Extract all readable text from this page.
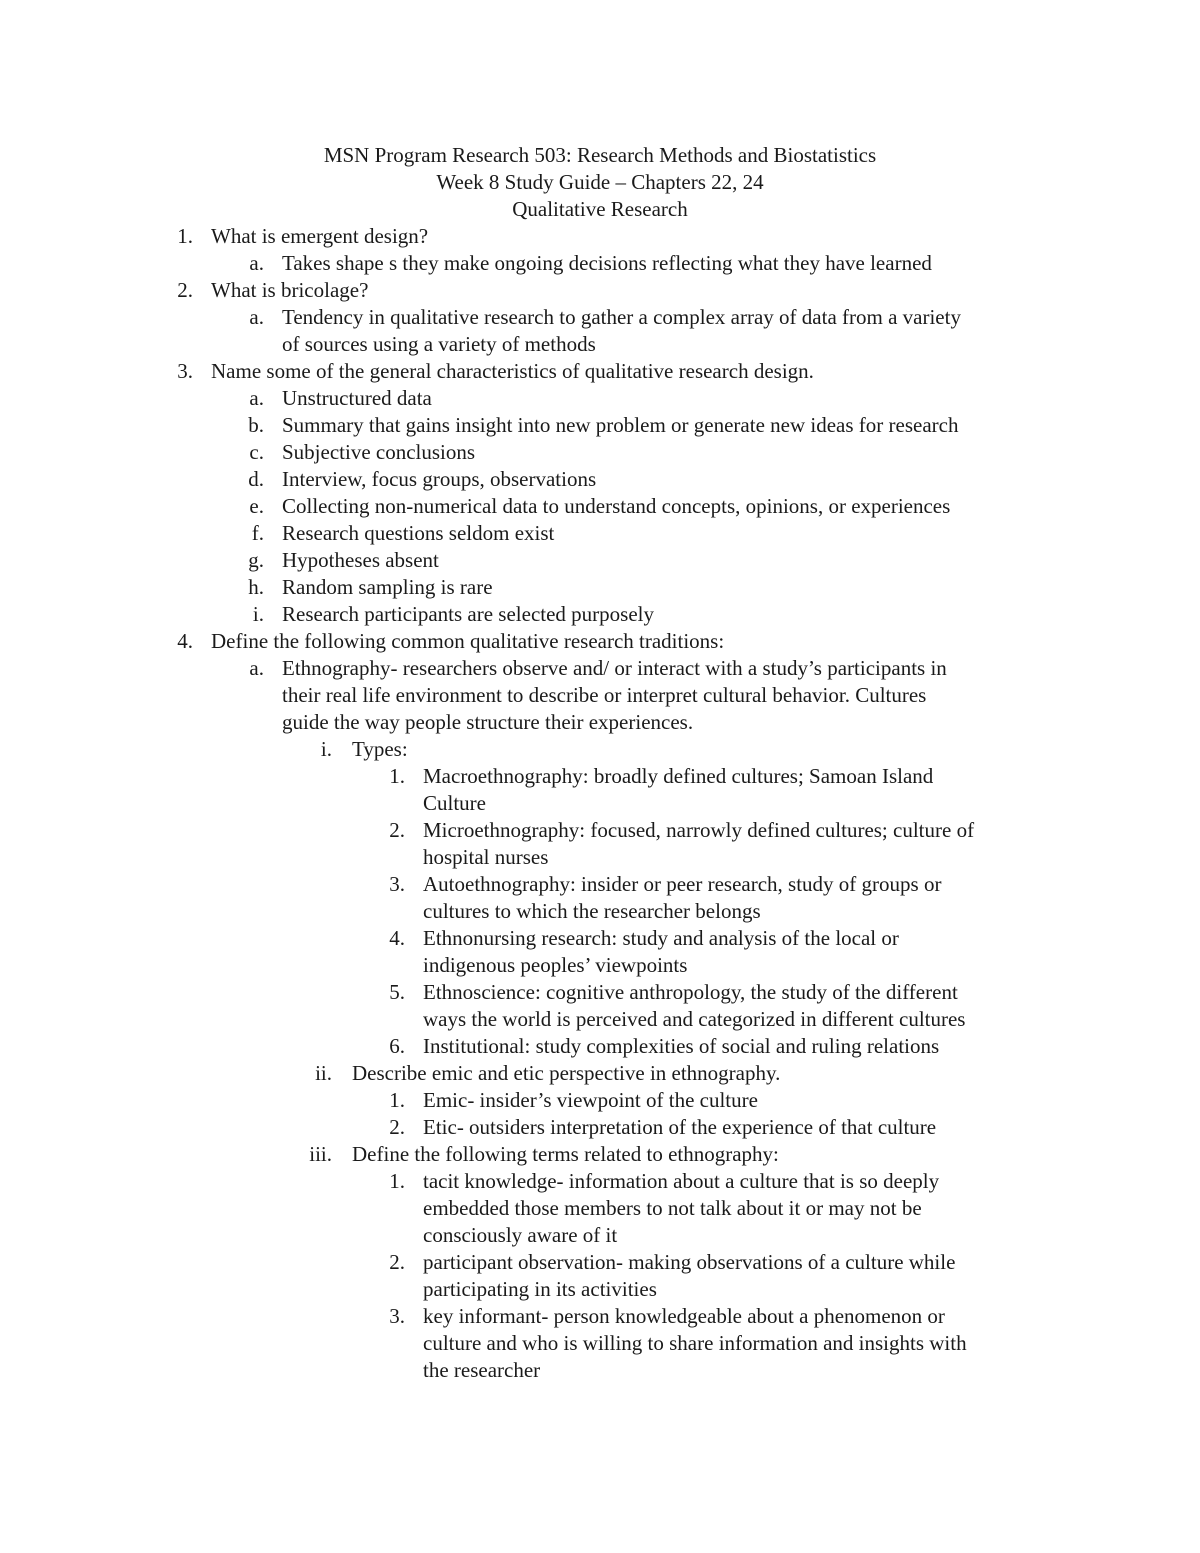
MSN Program Research 503: Research Methods and Biostatistics
Week 8 Study Guide – Chapters 22, 24
Qualitative Research
1. What is emergent design?
a. Takes shape s they make ongoing decisions reflecting what they have learned
2. What is bricolage?
a. Tendency in qualitative research to gather a complex array of data from a variety
of sources using a variety of methods
3. Name some of the general characteristics of qualitative research design.
a. Unstructured data
b. Summary that gains insight into new problem or generate new ideas for research
c. Subjective conclusions
d. Interview, focus groups, observations
e. Collecting non-numerical data to understand concepts, opinions, or experiences
f. Research questions seldom exist
g. Hypotheses absent
h. Random sampling is rare
i. Research participants are selected purposely
4. Define the following common qualitative research traditions:
a. Ethnography- researchers observe and/ or interact with a study’s participants in
their real life environment to describe or interpret cultural behavior. Cultures
guide the way people structure their experiences.
i. Types:
1. Macroethnography: broadly defined cultures; Samoan Island
Culture
2. Microethnography: focused, narrowly defined cultures; culture of
hospital nurses
3. Autoethnography: insider or peer research, study of groups or
cultures to which the researcher belongs
4. Ethnonursing research: study and analysis of the local or
indigenous peoples’ viewpoints
5. Ethnoscience: cognitive anthropology, the study of the different
ways the world is perceived and categorized in different cultures
6. Institutional: study complexities of social and ruling relations
ii. Describe emic and etic perspective in ethnography.
1. Emic- insider’s viewpoint of the culture
2. Etic- outsiders interpretation of the experience of that culture
iii. Define the following terms related to ethnography:
1. tacit knowledge- information about a culture that is so deeply
embedded those members to not talk about it or may not be
consciously aware of it
2. participant observation- making observations of a culture while
participating in its activities
3. key informant- person knowledgeable about a phenomenon or
culture and who is willing to share information and insights with
the researcher
